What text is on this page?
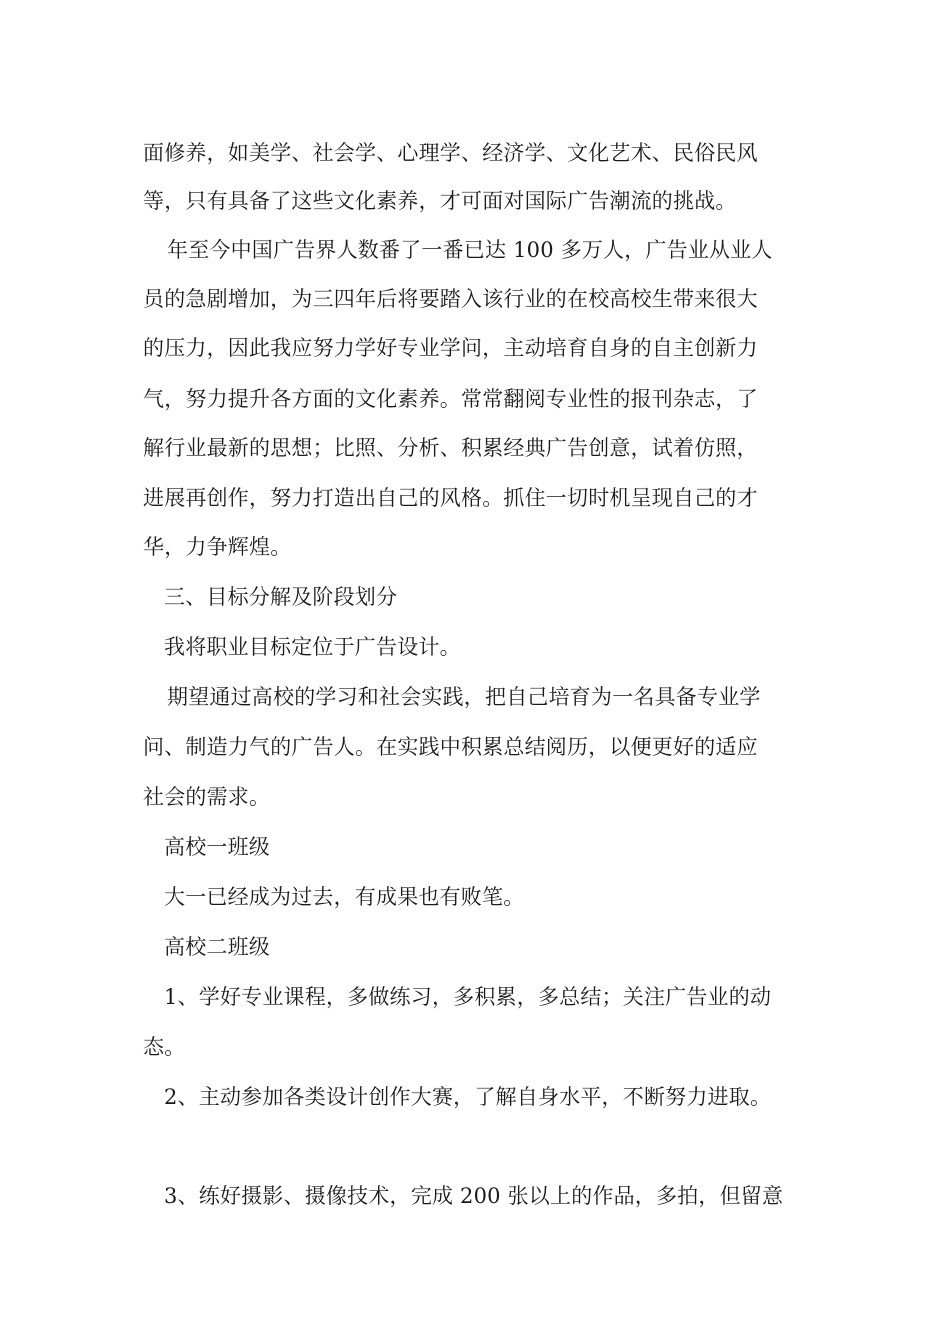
面修养，如美学、社会学、心理学、经济学、文化艺术、民俗民风
等，只有具备了这些文化素养，才可面对国际广告潮流的挑战。
年至今中国广告界人数番了一番已达 100 多万人，广告业从业人
员的急剧增加，为三四年后将要踏入该行业的在校高校生带来很大
的压力，因此我应努力学好专业学问，主动培育自身的自主创新力
气，努力提升各方面的文化素养。常常翻阅专业性的报刊杂志，了
解行业最新的思想；比照、分析、积累经典广告创意，试着仿照，
进展再创作，努力打造出自己的风格。抓住一切时机呈现自己的才
华，力争辉煌。
三、目标分解及阶段划分
我将职业目标定位于广告设计。
期望通过高校的学习和社会实践，把自己培育为一名具备专业学
问、制造力气的广告人。在实践中积累总结阅历，以便更好的适应
社会的需求。
高校一班级
大一已经成为过去，有成果也有败笔。
高校二班级
1、学好专业课程，多做练习，多积累，多总结；关注广告业的动
态。
2、主动参加各类设计创作大赛，了解自身水平，不断努力进取。
3、练好摄影、摄像技术，完成 200 张以上的作品，多拍，但留意
